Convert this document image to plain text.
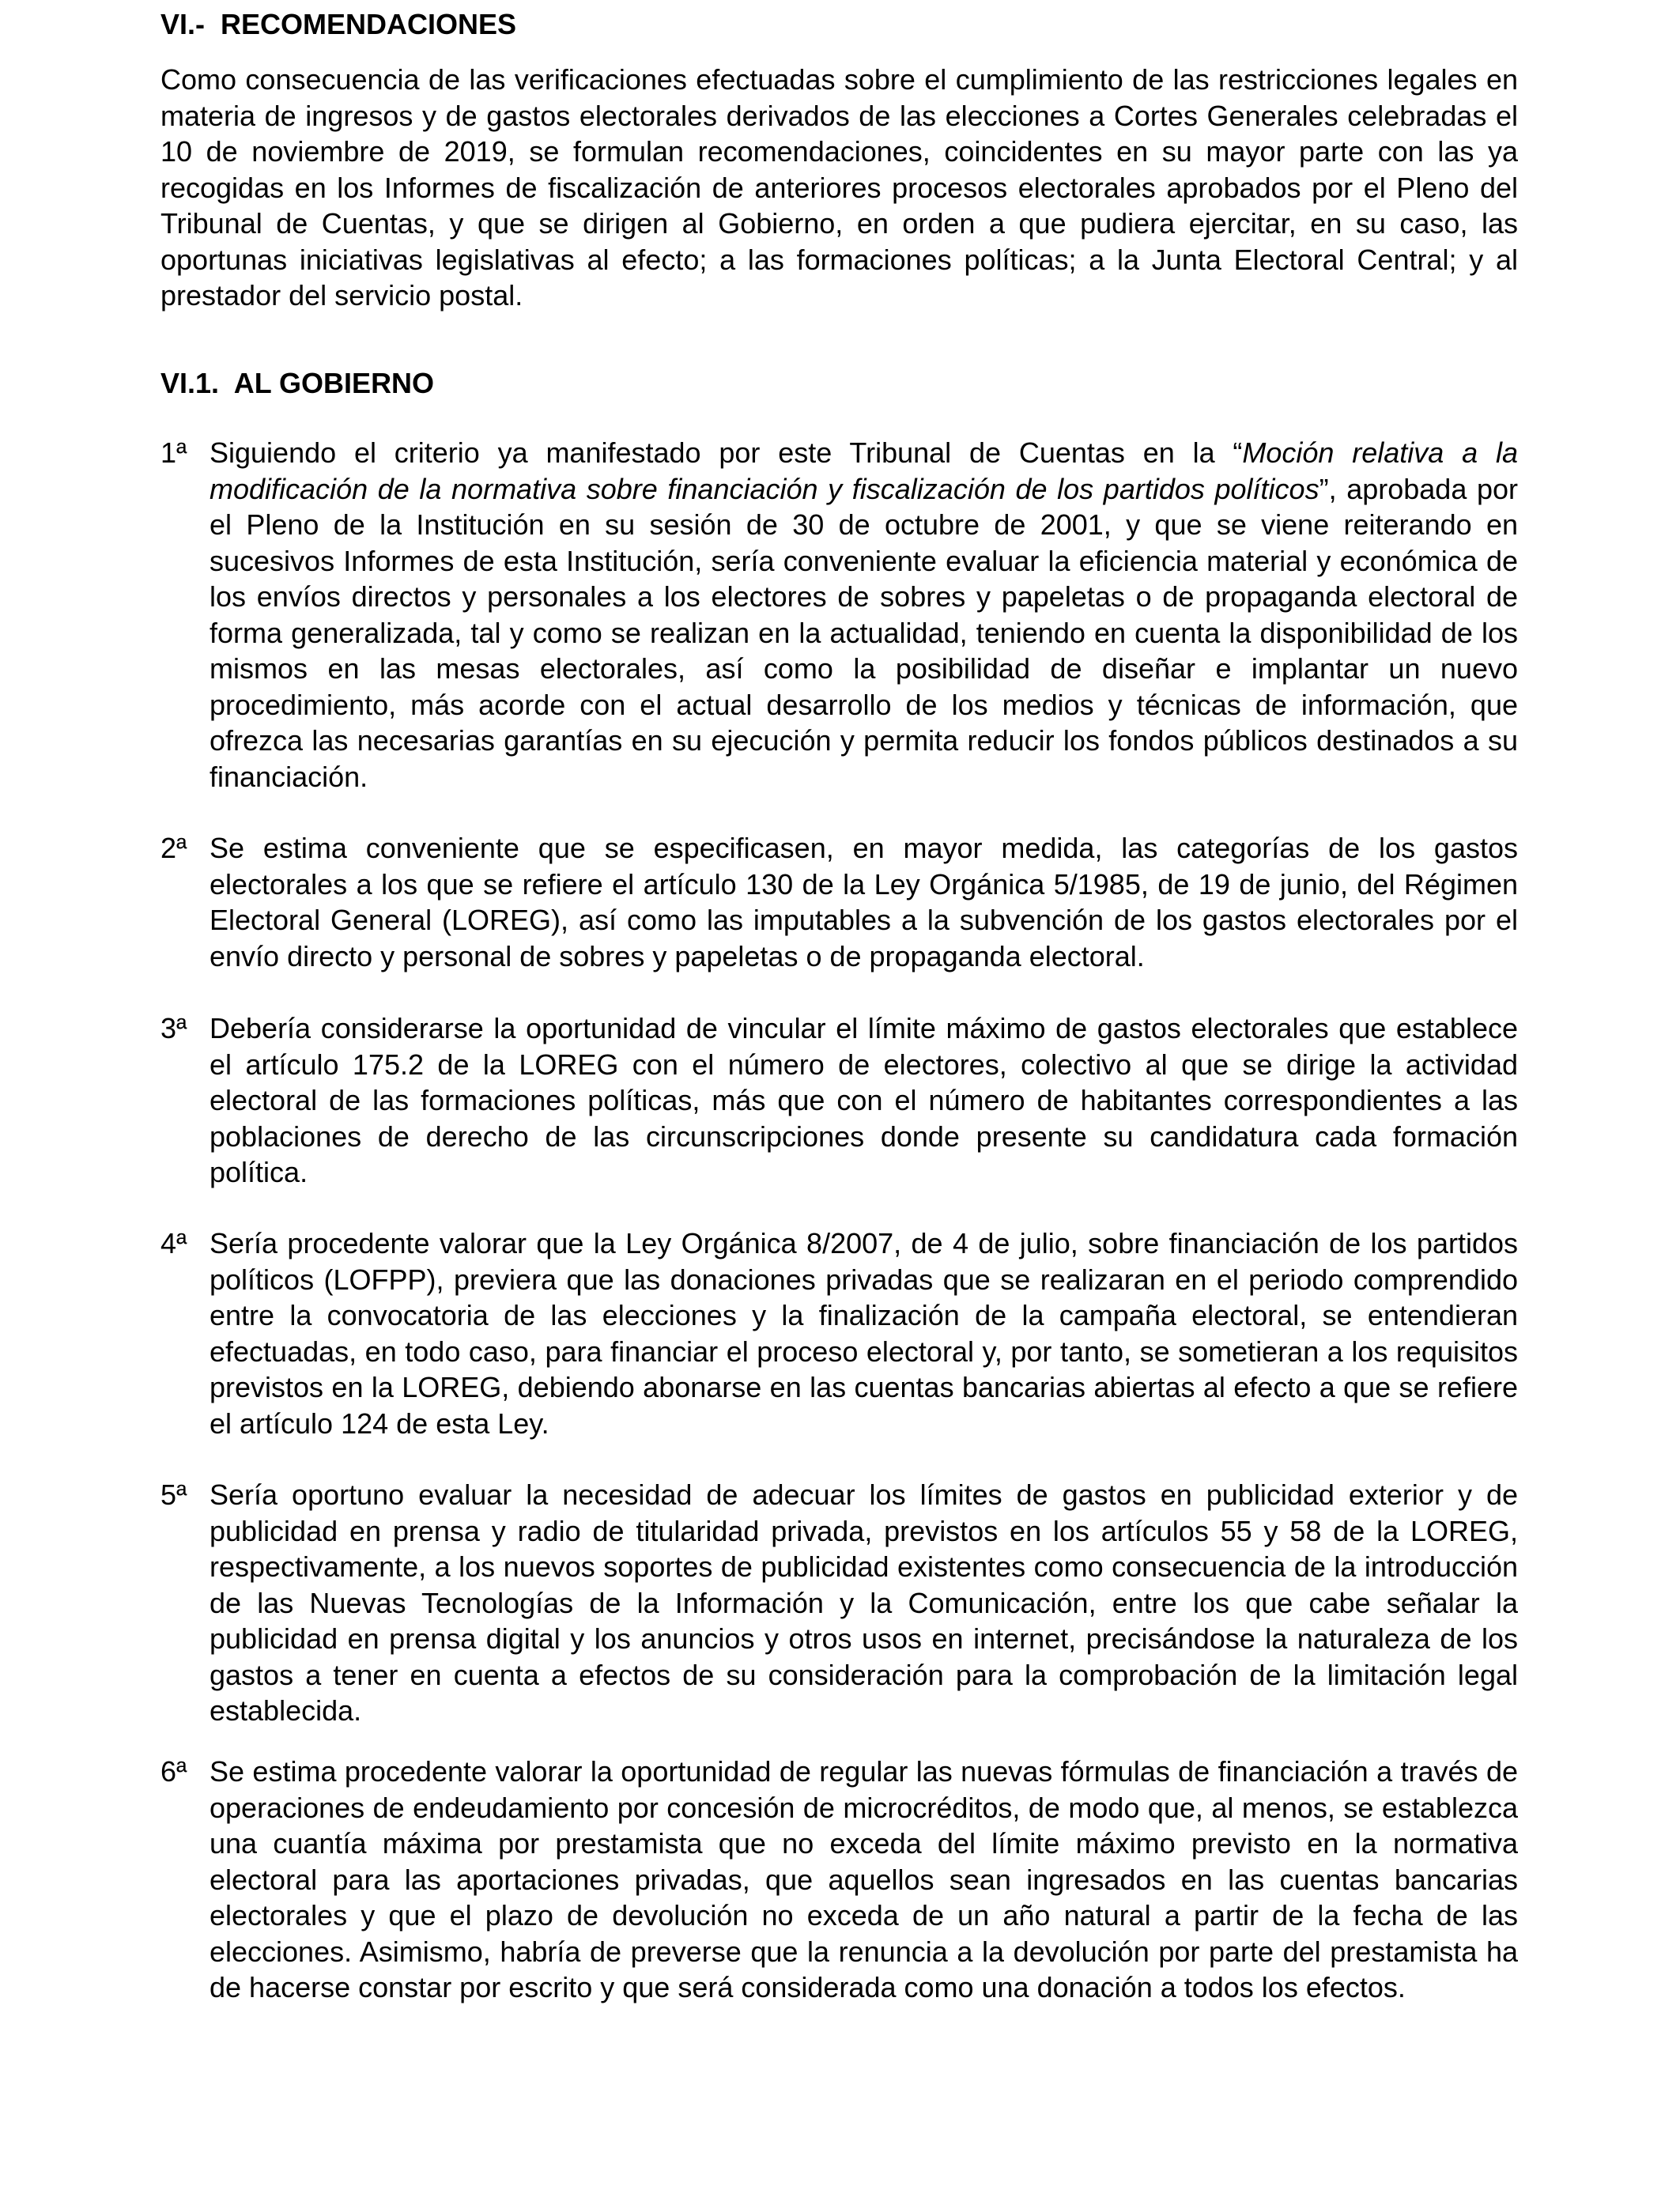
VI.-  RECOMENDACIONES

Como consecuencia de las verificaciones efectuadas sobre el cumplimiento de las restricciones legales en materia de ingresos y de gastos electorales derivados de las elecciones a Cortes Generales celebradas el 10 de noviembre de 2019, se formulan recomendaciones, coincidentes en su mayor parte con las ya recogidas en los Informes de fiscalización de anteriores procesos electorales aprobados por el Pleno del Tribunal de Cuentas, y que se dirigen al Gobierno, en orden a que pudiera ejercitar, en su caso, las oportunas iniciativas legislativas al efecto; a las formaciones políticas; a la Junta Electoral Central; y al prestador del servicio postal.

VI.1.  AL GOBIERNO
1ª Siguiendo el criterio ya manifestado por este Tribunal de Cuentas en la “Moción relativa a la modificación de la normativa sobre financiación y fiscalización de los partidos políticos”, aprobada por el Pleno de la Institución en su sesión de 30 de octubre de 2001, y que se viene reiterando en sucesivos Informes de esta Institución, sería conveniente evaluar la eficiencia material y económica de los envíos directos y personales a los electores de sobres y papeletas o de propaganda electoral de forma generalizada, tal y como se realizan en la actualidad, teniendo en cuenta la disponibilidad de los mismos en las mesas electorales, así como la posibilidad de diseñar e implantar un nuevo procedimiento, más acorde con el actual desarrollo de los medios y técnicas de información, que ofrezca las necesarias garantías en su ejecución y permita reducir los fondos públicos destinados a su financiación.

2ª Se estima conveniente que se especificasen, en mayor medida, las categorías de los gastos electorales a los que se refiere el artículo 130 de la Ley Orgánica 5/1985, de 19 de junio, del Régimen Electoral General (LOREG), así como las imputables a la subvención de los gastos electorales por el envío directo y personal de sobres y papeletas o de propaganda electoral.

3ª Debería considerarse la oportunidad de vincular el límite máximo de gastos electorales que establece el artículo 175.2 de la LOREG con el número de electores, colectivo al que se dirige la actividad electoral de las formaciones políticas, más que con el número de habitantes correspondientes a las poblaciones de derecho de las circunscripciones donde presente su candidatura cada formación política.

4ª Sería procedente valorar que la Ley Orgánica 8/2007, de 4 de julio, sobre financiación de los partidos políticos (LOFPP), previera que las donaciones privadas que se realizaran en el periodo comprendido entre la convocatoria de las elecciones y la finalización de la campaña electoral, se entendieran efectuadas, en todo caso, para financiar el proceso electoral y, por tanto, se sometieran a los requisitos previstos en la LOREG, debiendo abonarse en las cuentas bancarias abiertas al efecto a que se refiere el artículo 124 de esta Ley.

5ª Sería oportuno evaluar la necesidad de adecuar los límites de gastos en publicidad exterior y de publicidad en prensa y radio de titularidad privada, previstos en los artículos 55 y 58 de la LOREG, respectivamente, a los nuevos soportes de publicidad existentes como consecuencia de la introducción de las Nuevas Tecnologías de la Información y la Comunicación, entre los que cabe señalar la publicidad en prensa digital y los anuncios y otros usos en internet, precisándose la naturaleza de los gastos a tener en cuenta a efectos de su consideración para la comprobación de la limitación legal establecida.

6ª Se estima procedente valorar la oportunidad de regular las nuevas fórmulas de financiación a través de operaciones de endeudamiento por concesión de microcréditos, de modo que, al menos, se establezca una cuantía máxima por prestamista que no exceda del límite máximo previsto en la normativa electoral para las aportaciones privadas, que aquellos sean ingresados en las cuentas bancarias electorales y que el plazo de devolución no exceda de un año natural a partir de la fecha de las elecciones. Asimismo, habría de preverse que la renuncia a la devolución por parte del prestamista ha de hacerse constar por escrito y que será considerada como una donación a todos los efectos.
